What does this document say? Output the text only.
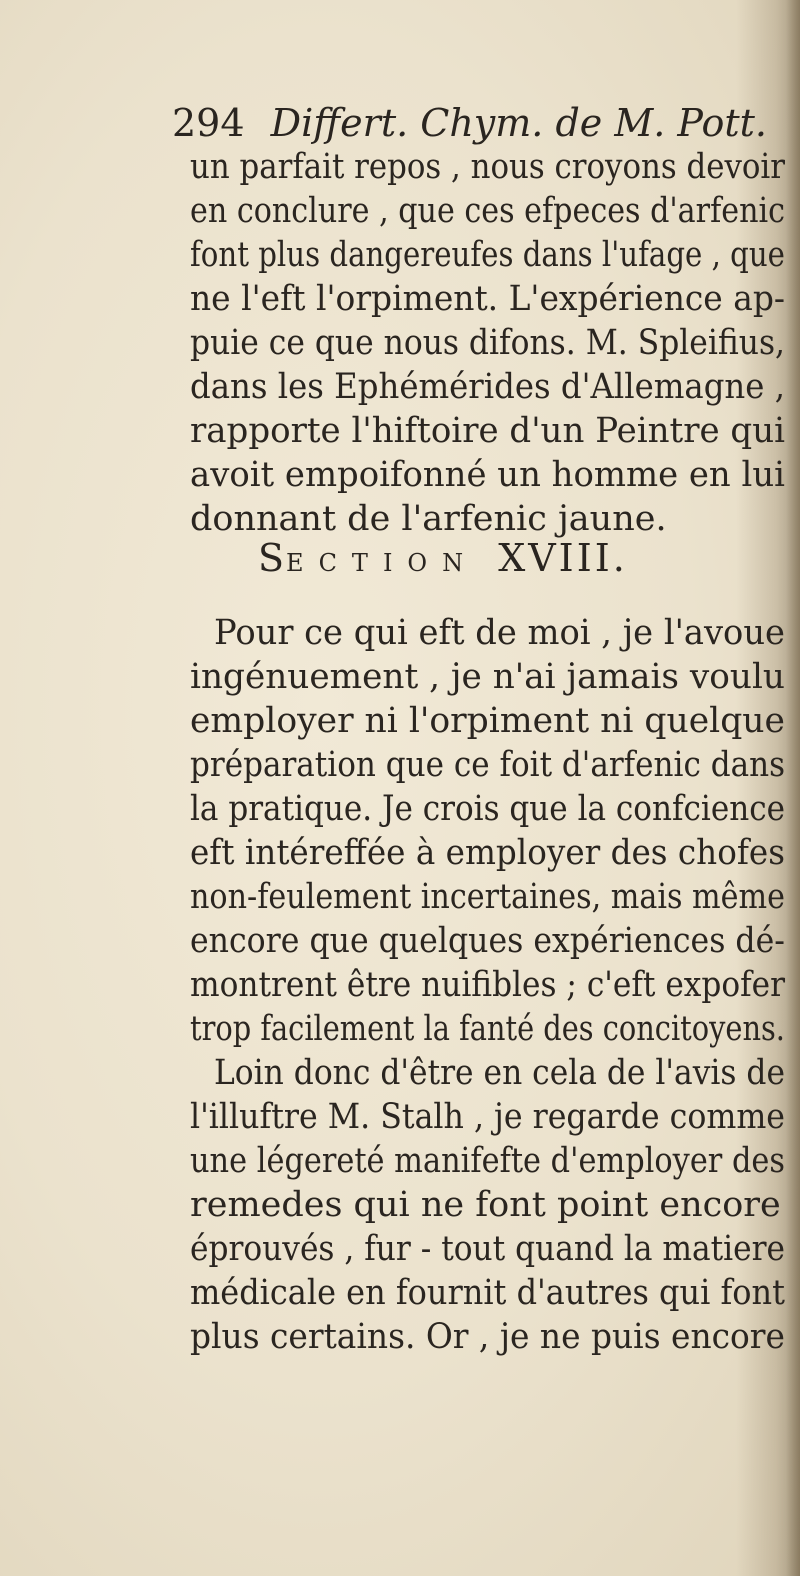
294 Differt. Chym. de M. Pott.

un parfait repos , nous croyons devoir

en conclure , que ces efpeces d'arfenic

font plus dangereufes dans l'ufage , que

ne l'eft l'orpiment. L'expérience ap-

puie ce que nous difons. M. Spleifius,

dans les Ephémérides d'Allemagne ,

rapporte l'hiftoire d'un Peintre qui

avoit empoifonné un homme en lui

donnant de l'arfenic jaune.

SECTION XVIII.

Pour ce qui eft de moi , je l'avoue

ingénuement , je n'ai jamais voulu

employer ni l'orpiment ni quelque

préparation que ce foit d'arfenic dans

la pratique. Je crois que la confcience

eft intéreffée à employer des chofes

non-feulement incertaines, mais même

encore que quelques expériences dé-

montrent être nuifibles ; c'eft expofer

trop facilement la fanté des concitoyens.

Loin donc d'être en cela de l'avis de

l'illuftre M. Stalh , je regarde comme

une légereté manifefte d'employer des

remedes qui ne font point encore

éprouvés , fur - tout quand la matiere

médicale en fournit d'autres qui font

plus certains. Or , je ne puis encore
